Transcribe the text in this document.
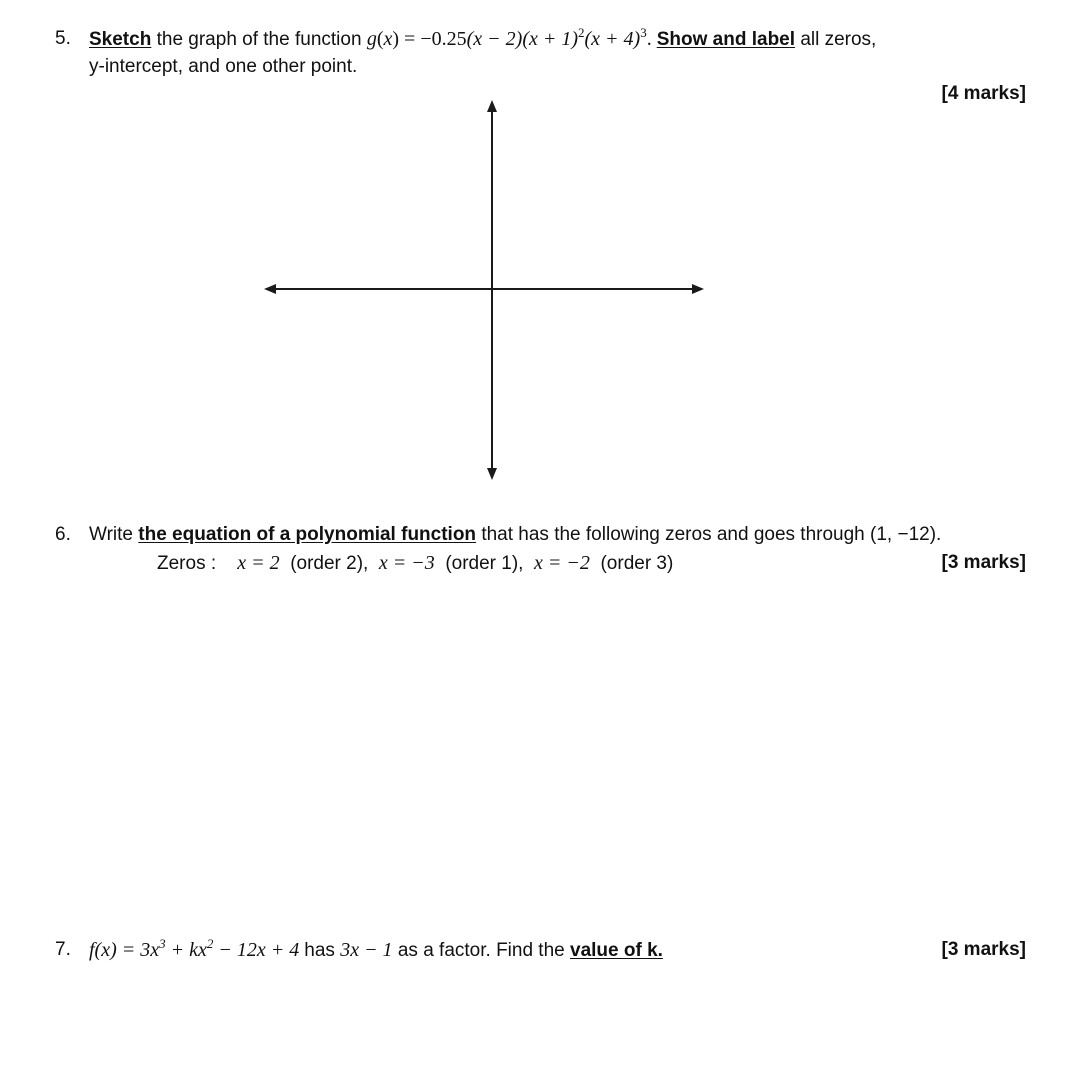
5. Sketch the graph of the function $g(x) = -0.25(x - 2)(x + 1)^2(x + 4)^3$. Show and label all zeros,
y-intercept, and one other point.
[4 marks]
6. Write the equation of a polynomial function that has the following zeros and goes through (1, −12).
Zeros : x = 2 (order 2), x = −3 (order 1), x = −2 (order 3)	[3 marks]
7. $f(x) = 3x^3 + kx^2 - 12x + 4$ has 3x − 1 as a factor. Find the value of k.	[3 marks]
